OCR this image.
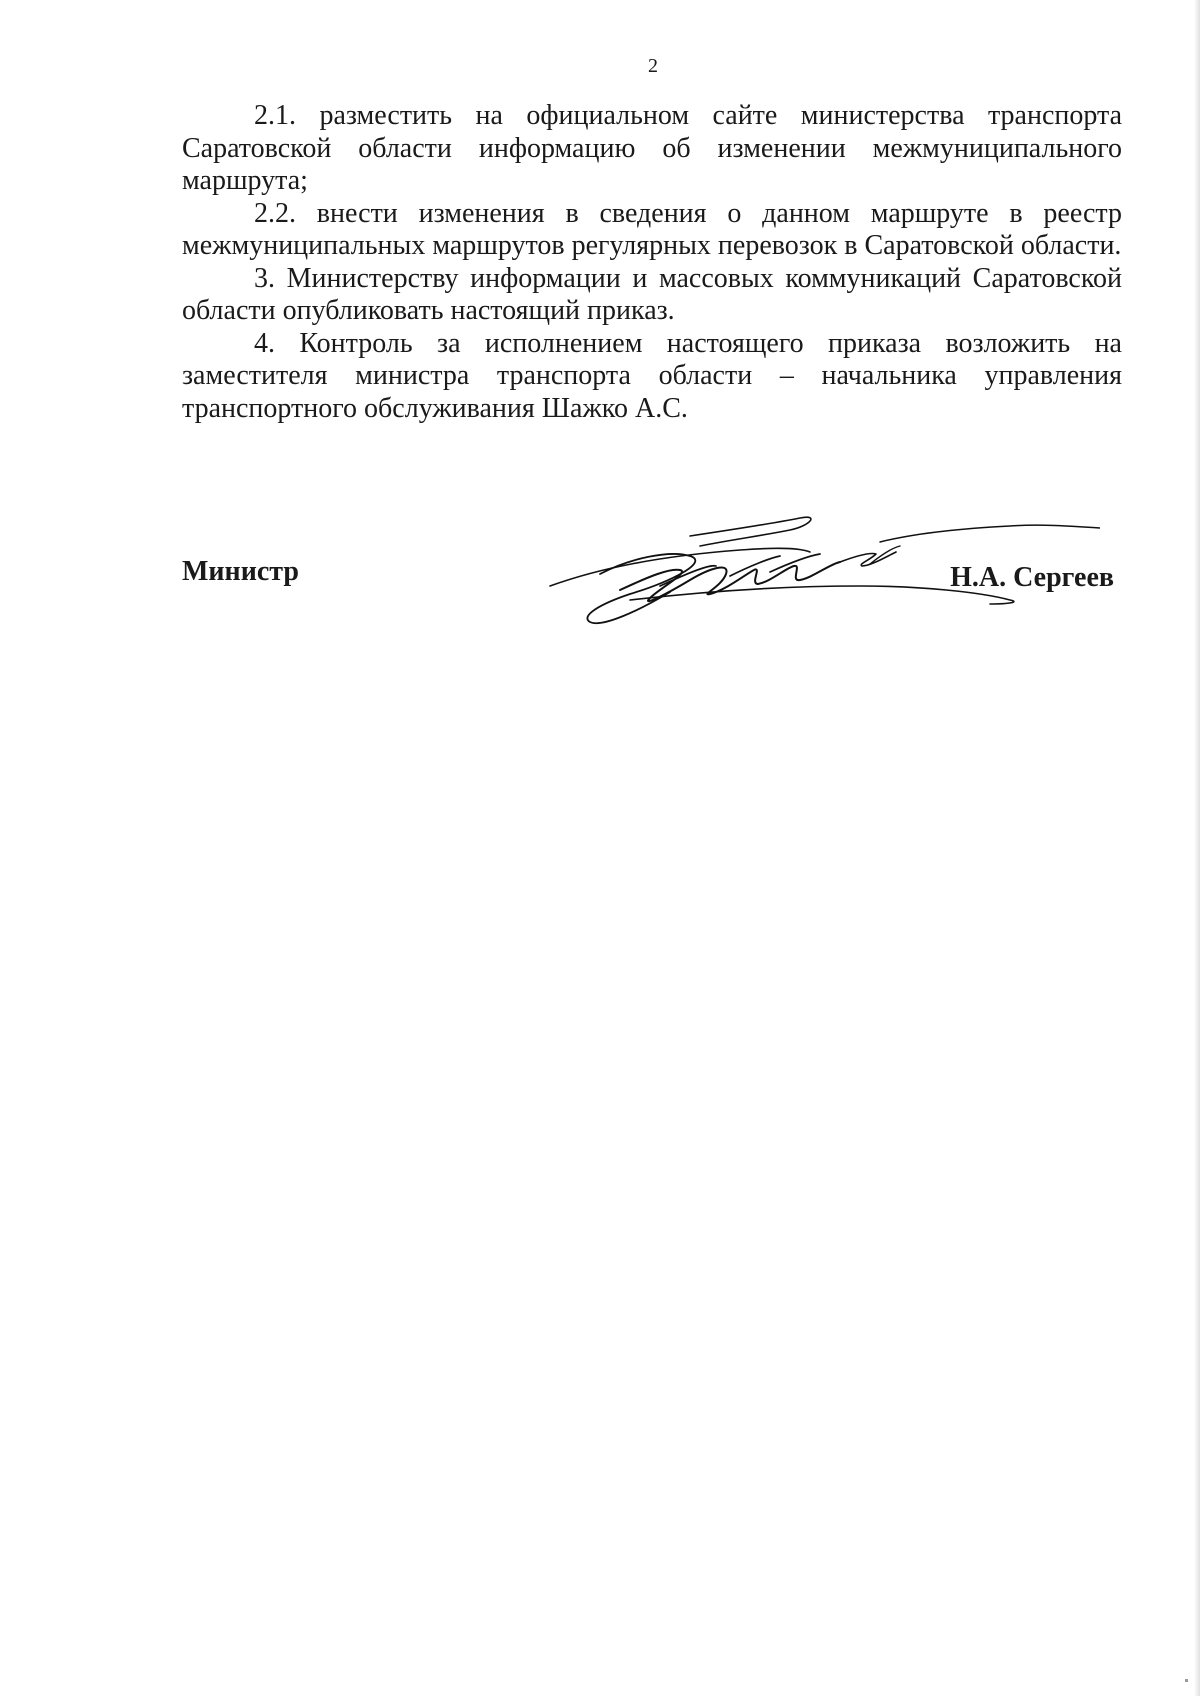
2

2.1. разместить на официальном сайте министерства транспорта Саратовской области информацию об изменении межмуниципального маршрута;

2.2. внести изменения в сведения о данном маршруте в реестр межмуниципальных маршрутов регулярных перевозок в Саратовской области.

3. Министерству информации и массовых коммуникаций Саратовской области опубликовать настоящий приказ.

4. Контроль за исполнением настоящего приказа возложить на заместителя министра транспорта области – начальника управления транспортного обслуживания Шажко А.С.

Министр	Н.А. Сергеев
